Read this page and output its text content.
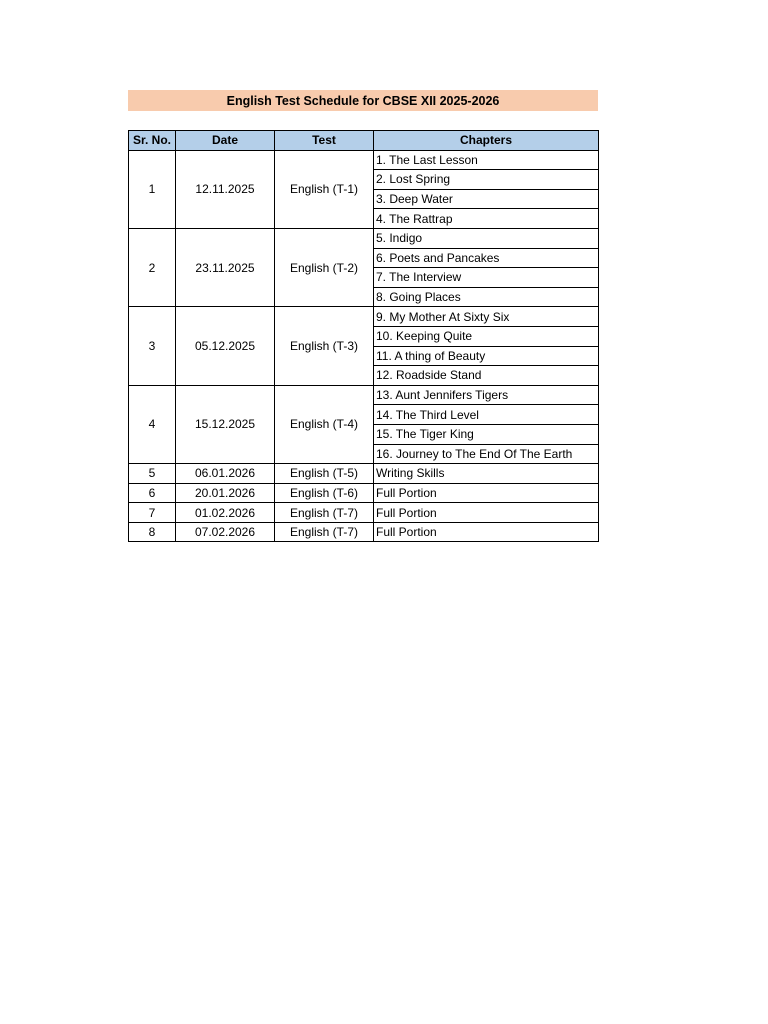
English Test Schedule for CBSE XII 2025-2026
Sr. No.	Date	Test	Chapters
1	12.11.2025	English (T-1)	1. The Last Lesson
			2. Lost Spring
			3. Deep Water
			4. The Rattrap
2	23.11.2025	English (T-2)	5. Indigo
			6. Poets and Pancakes
			7. The Interview
			8. Going Places
3	05.12.2025	English (T-3)	9. My Mother At Sixty Six
			10. Keeping Quite
			11. A thing of Beauty
			12. Roadside Stand
4	15.12.2025	English (T-4)	13. Aunt Jennifers Tigers
			14. The Third Level
			15. The Tiger King
			16. Journey to The End Of The Earth
5	06.01.2026	English (T-5)	Writing Skills
6	20.01.2026	English (T-6)	Full Portion
7	01.02.2026	English (T-7)	Full Portion
8	07.02.2026	English (T-7)	Full Portion
